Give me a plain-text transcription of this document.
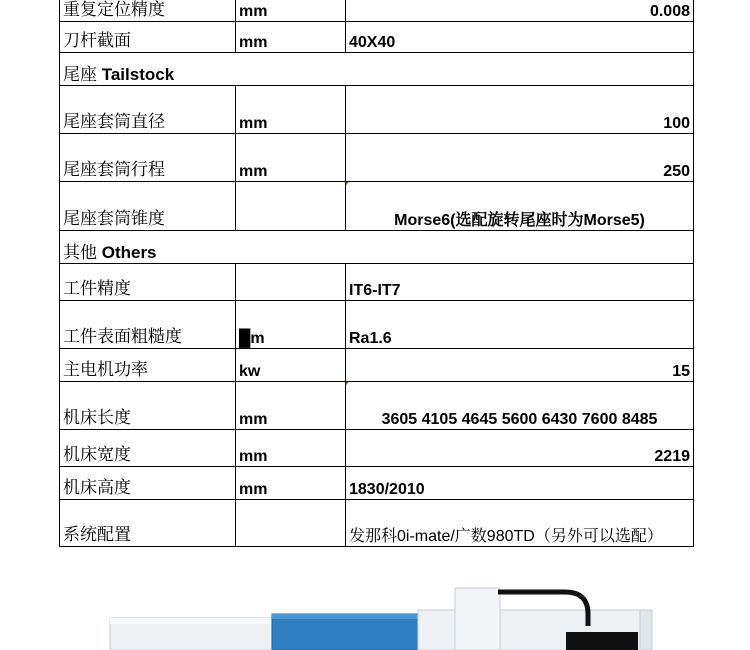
重复定位精度	mm	0.008
刀杆截面	mm	40X40
尾座 Tailstock		
尾座套筒直径	mm	100
尾座套筒行程	mm	250
尾座套筒锥度		Morse6(选配旋转尾座时为Morse5)
其他 Others		
工件精度		IT6-IT7
工件表面粗糙度	█m	Ra1.6
主电机功率	kw	15
机床长度	mm	3605 4105 4645 5600 6430 7600 8485
机床宽度	mm	2219
机床高度	mm	1830/2010
系统配置		发那科0i-mate/广数980TD（另外可以选配）
